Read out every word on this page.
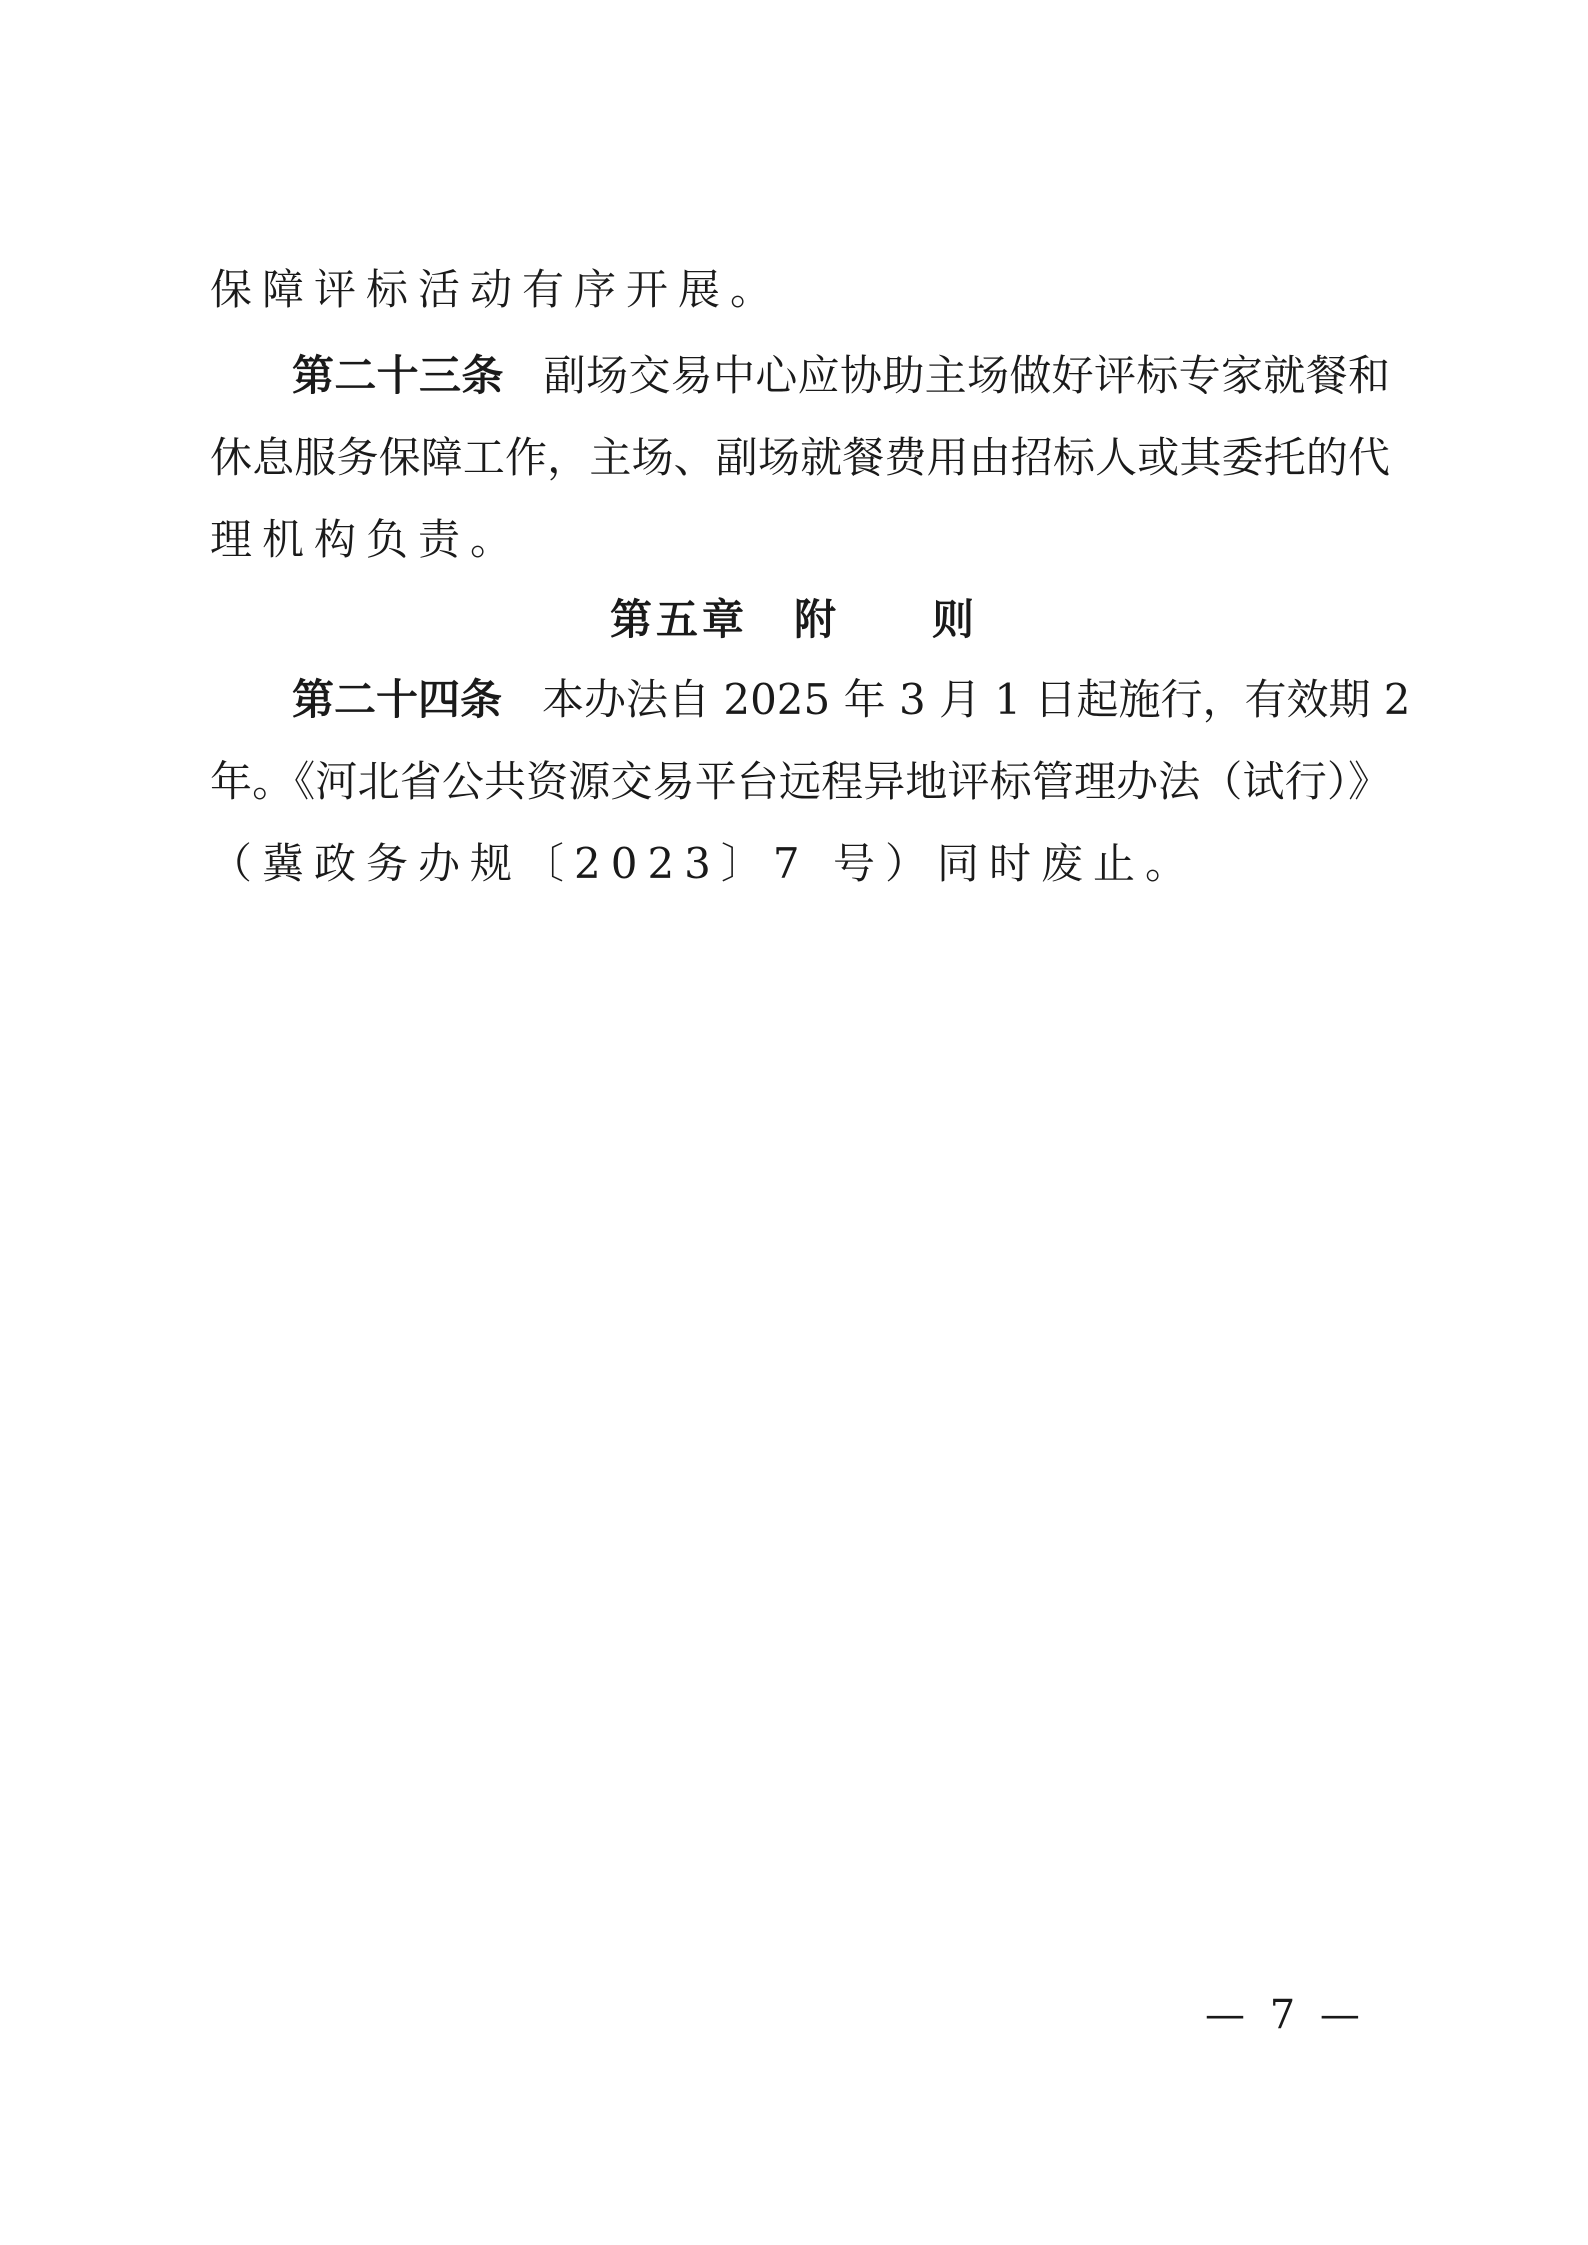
保障评标活动有序开展。
第二十三条 副场交易中心应协助主场做好评标专家就餐和
休息服务保障工作，主场、副场就餐费用由招标人或其委托的代
理机构负责。
第五章　附　　则
第二十四条 本办法自 2025 年 3 月 1 日起施行，有效期 2
年。《河北省公共资源交易平台远程异地评标管理办法（试行）》
（冀政务办规〔2023〕7 号）同时废止。
— 7 —
